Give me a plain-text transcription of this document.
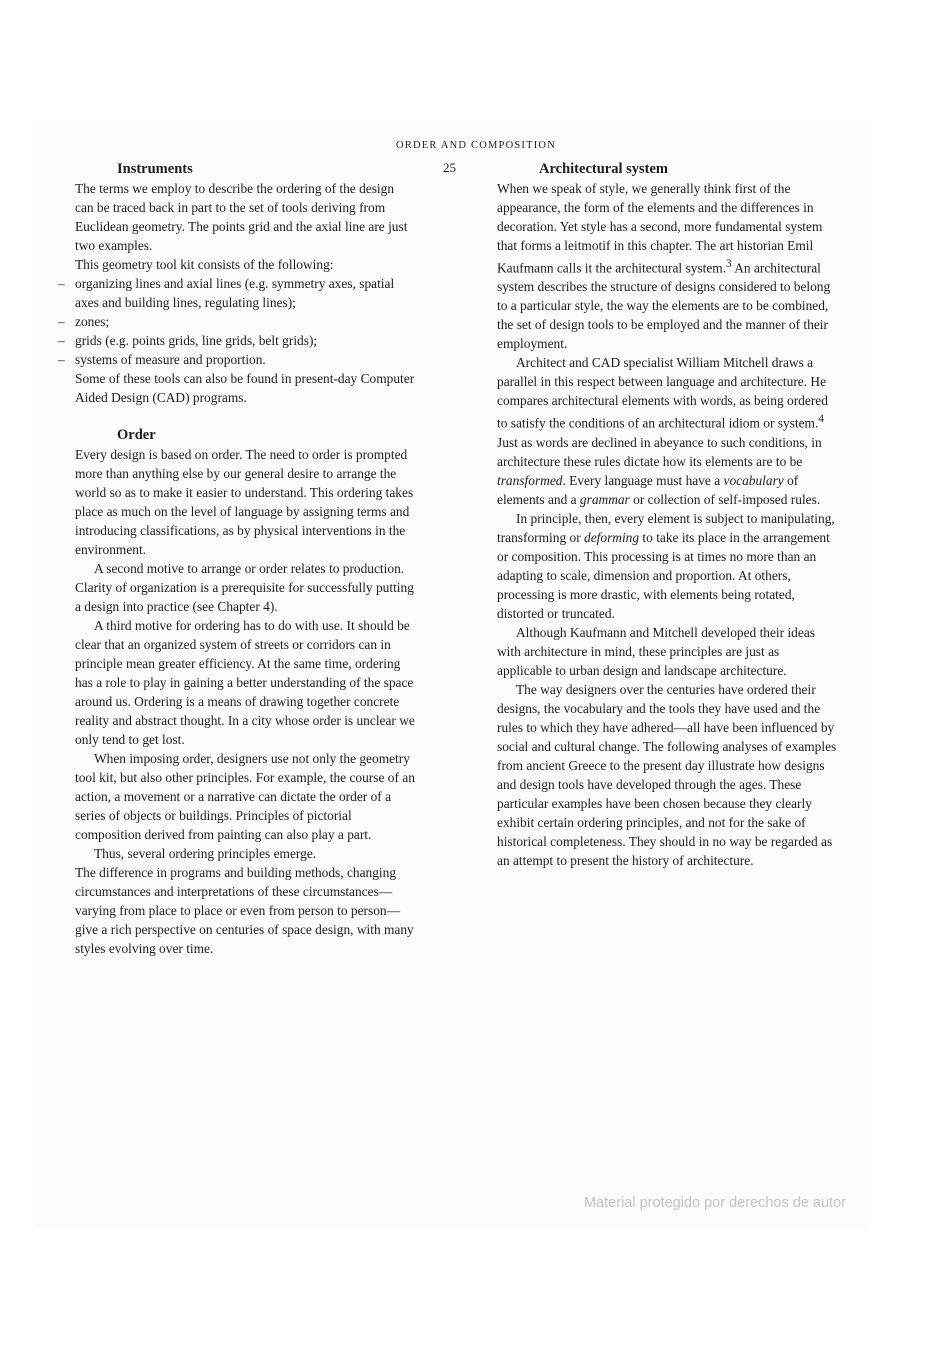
ORDER AND COMPOSITION
25
Instruments

The terms we employ to describe the ordering of the design can be traced back in part to the set of tools deriving from Euclidean geometry. The points grid and the axial line are just two examples.

This geometry tool kit consists of the following:

– organizing lines and axial lines (e.g. symmetry axes, spatial axes and building lines, regulating lines);
– zones;
– grids (e.g. points grids, line grids, belt grids);
– systems of measure and proportion.

Some of these tools can also be found in present-day Computer Aided Design (CAD) programs.

Order

Every design is based on order. The need to order is prompted more than anything else by our general desire to arrange the world so as to make it easier to understand. This ordering takes place as much on the level of language by assigning terms and introducing classifications, as by physical interventions in the environment.

A second motive to arrange or order relates to production. Clarity of organization is a prerequisite for successfully putting a design into practice (see Chapter 4).

A third motive for ordering has to do with use. It should be clear that an organized system of streets or corridors can in principle mean greater efficiency. At the same time, ordering has a role to play in gaining a better understanding of the space around us. Ordering is a means of drawing together concrete reality and abstract thought. In a city whose order is unclear we only tend to get lost.

When imposing order, designers use not only the geometry tool kit, but also other principles. For example, the course of an action, a movement or a narrative can dictate the order of a series of objects or buildings. Principles of pictorial composition derived from painting can also play a part.

Thus, several ordering principles emerge.

The difference in programs and building methods, changing circumstances and interpretations of these circumstances—varying from place to place or even from person to person—give a rich perspective on centuries of space design, with many styles evolving over time.

Architectural system

When we speak of style, we generally think first of the appearance, the form of the elements and the differences in decoration. Yet style has a second, more fundamental system that forms a leitmotif in this chapter. The art historian Emil Kaufmann calls it the architectural system.$^3$ An architectural system describes the structure of designs considered to belong to a particular style, the way the elements are to be combined, the set of design tools to be employed and the manner of their employment.

Architect and CAD specialist William Mitchell draws a parallel in this respect between language and architecture. He compares architectural elements with words, as being ordered to satisfy the conditions of an architectural idiom or system.$^4$ Just as words are declined in abeyance to such conditions, in architecture these rules dictate how its elements are to be transformed. Every language must have a vocabulary of elements and a grammar or collection of self-imposed rules.

In principle, then, every element is subject to manipulating, transforming or deforming to take its place in the arrangement or composition. This processing is at times no more than an adapting to scale, dimension and proportion. At others, processing is more drastic, with elements being rotated, distorted or truncated.

Although Kaufmann and Mitchell developed their ideas with architecture in mind, these principles are just as applicable to urban design and landscape architecture.

The way designers over the centuries have ordered their designs, the vocabulary and the tools they have used and the rules to which they have adhered—all have been influenced by social and cultural change. The following analyses of examples from ancient Greece to the present day illustrate how designs and design tools have developed through the ages. These particular examples have been chosen because they clearly exhibit certain ordering principles, and not for the sake of historical completeness. They should in no way be regarded as an attempt to present the history of architecture.

Material protegido por derechos de autor
